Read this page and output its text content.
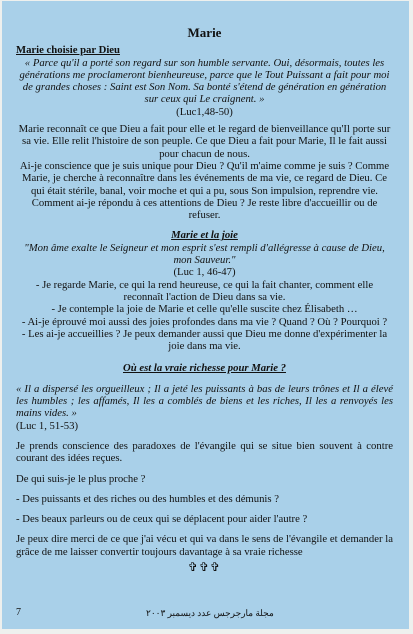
Marie

Marie choisie par Dieu

« Parce qu'il a porté son regard sur son humble servante. Oui, désormais, toutes les générations me proclameront bienheureuse, parce que le Tout Puissant a fait pour moi de grandes choses : Saint est Son Nom. Sa bonté s'étend de génération en génération sur ceux qui Le craignent. »

(Luc1,48-50)

Marie reconnaît ce que Dieu a fait pour elle et le regard de bienveillance qu'Il porte sur sa vie. Elle relit l'histoire de son peuple. Ce que Dieu a fait pour Marie, Il le fait aussi pour chacun de nous.

Ai-je conscience que je suis unique pour Dieu ? Qu'il m'aime comme je suis ? Comme Marie, je cherche à reconnaître dans les événements de ma vie, ce regard de Dieu. Ce qui était stérile, banal, voir moche et qui a pu, sous Son impulsion, reprendre vie.

Comment ai-je répondu à ces attentions de Dieu ? Je reste libre d'accueillir ou de refuser.

Marie et la joie

"Mon âme exalte le Seigneur et mon esprit s'est rempli d'allégresse à cause de Dieu, mon Sauveur."

(Luc 1, 46-47)

- Je regarde Marie, ce qui la rend heureuse, ce qui la fait chanter, comment elle reconnaît l'action de Dieu dans sa vie.

- Je contemple la joie de Marie et celle qu'elle suscite chez Élisabeth …

- Ai-je éprouvé moi aussi des joies profondes dans ma vie ? Quand ? Où ? Pourquoi ?

- Les ai-je accueillies ? Je peux demander aussi que Dieu me donne d'expérimenter la joie dans ma vie.

Où est la vraie richesse pour Marie ?

« Il a dispersé les orgueilleux ; Il a jeté les puissants à bas de leurs trônes et Il a élevé les humbles ; les affamés, Il les a comblés de biens et les riches, Il les a renvoyés les mains vides. »

(Luc 1, 51-53)

Je prends conscience des paradoxes de l'évangile qui se situe bien souvent à contre courant des idées reçues.

De qui suis-je le plus proche ?

- Des puissants et des riches ou des humbles et des démunis ?

- Des beaux parleurs ou de ceux qui se déplacent pour aider l'autre ?

Je peux dire merci de ce que j'ai vécu et qui va dans le sens de l'évangile et demander la grâce de me laisser convertir toujours davantage à sa vraie richesse

✞✞✞
7	مجلة مارجرجس عدد ديسمبر ٢٠٠٣
